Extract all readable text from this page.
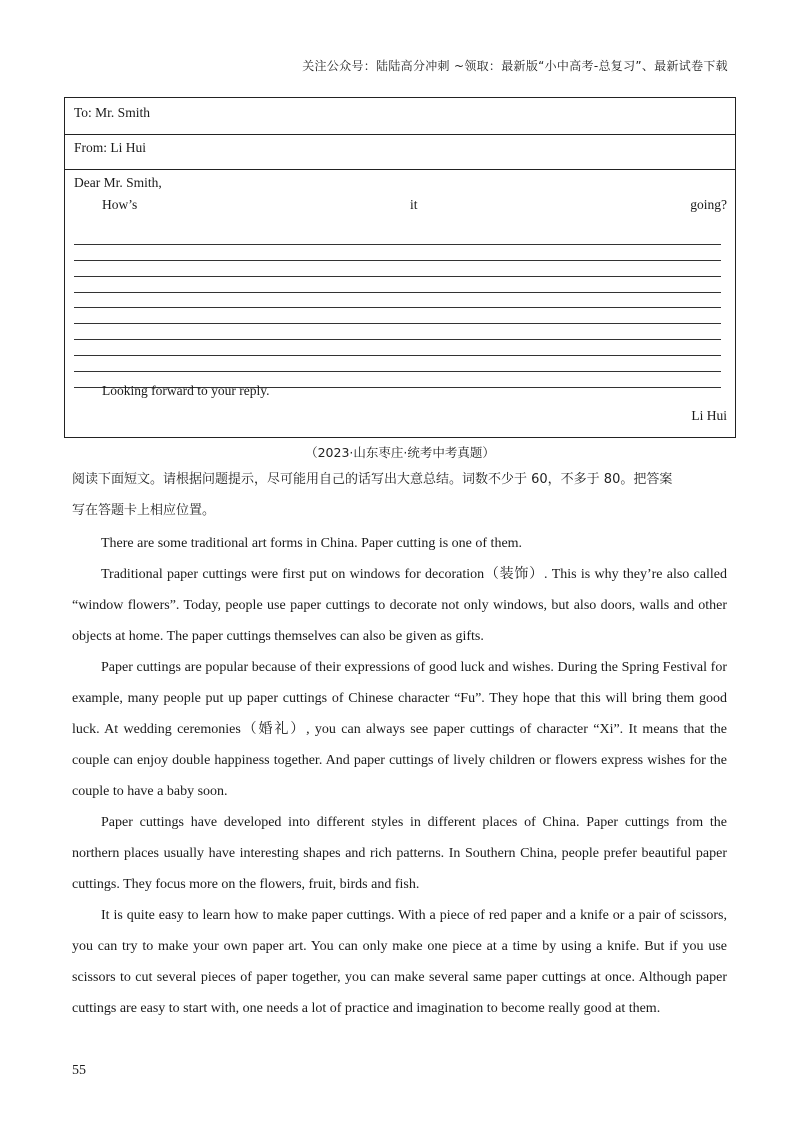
关注公众号：陆陆高分冲刺 ~领取：最新版“小中高考-总复习”、最新试卷下载
To: Mr. Smith
From: Li Hui
Dear Mr. Smith,
How’s	it	going?
Looking forward to your reply.
Li Hui
（2023·山东枣庄·统考中考真题）

阅读下面短文。请根据问题提示，尽可能用自己的话写出大意总结。词数不少于 60，不多于 80。把答案

写在答题卡上相应位置。

There are some traditional art forms in China. Paper cutting is one of them.

Traditional paper cuttings were first put on windows for decoration（装饰）. This is why they’re also called “window flowers”. Today, people use paper cuttings to decorate not only windows, but also doors, walls and other objects at home. The paper cuttings themselves can also be given as gifts.

Paper cuttings are popular because of their expressions of good luck and wishes. During the Spring Festival for example, many people put up paper cuttings of Chinese character “Fu”. They hope that this will bring them good luck. At wedding ceremonies（婚礼）, you can always see paper cuttings of character “Xi”. It means that the couple can enjoy double happiness together. And paper cuttings of lively children or flowers express wishes for the couple to have a baby soon.

Paper cuttings have developed into different styles in different places of China. Paper cuttings from the northern places usually have interesting shapes and rich patterns. In Southern China, people prefer beautiful paper cuttings. They focus more on the flowers, fruit, birds and fish.

It is quite easy to learn how to make paper cuttings. With a piece of red paper and a knife or a pair of scissors, you can try to make your own paper art. You can only make one piece at a time by using a knife. But if you use scissors to cut several pieces of paper together, you can make several same paper cuttings at once. Although paper cuttings are easy to start with, one needs a lot of practice and imagination to become really good at them.

55
